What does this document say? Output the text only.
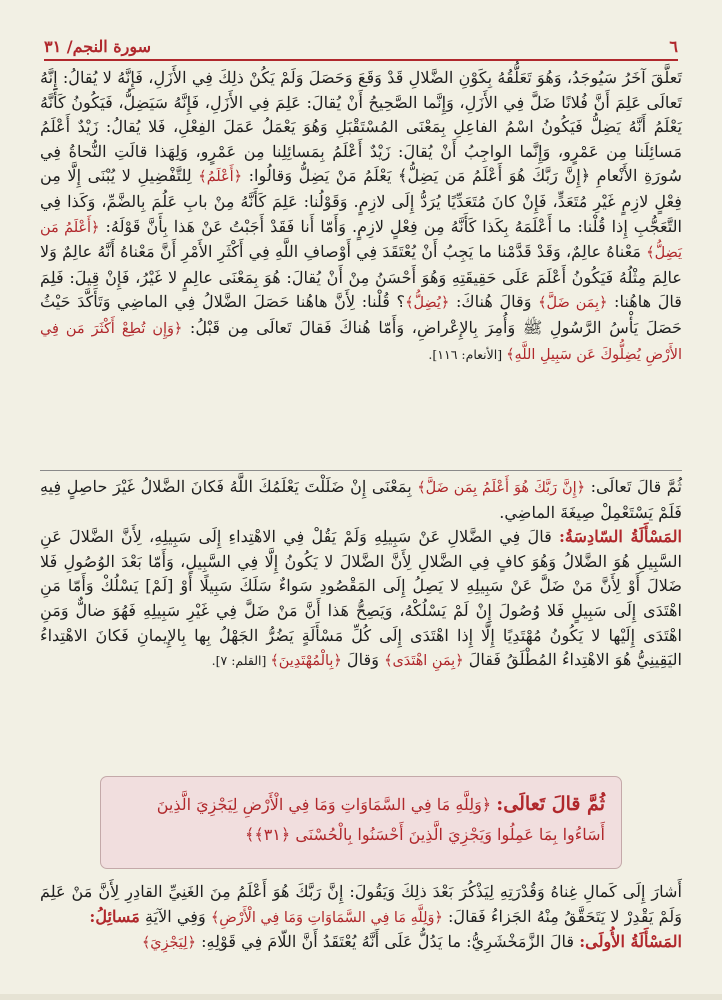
سورة النجم/ ٣١	٦

تَعلَّقَ آخَرُ سَيُوجَدُ، وَهُوَ تَعَلُّقُهُ بِكَوْنِ الضَّلالِ قَدْ وَقَعَ وَحَصَلَ وَلَمْ يَكُنْ ذلِكَ فِي الأَزَلِ، فَإِنَّهُ لا يُقالُ: إِنَّهُ تَعالَى عَلِمَ أَنَّ فُلانًا ضَلَّ فِي الأَزَلِ، وَإِنَّما الصَّحِيحُ أَنْ يُقالَ: عَلِمَ فِي الأَزَلِ، فَإِنَّهُ سَيَضِلُّ، فَيَكُونُ كَأَنَّهُ يَعْلَمُ أَنَّهُ يَضِلُّ فَيَكُونُ اسْمُ الفاعِلِ بِمَعْنَى المُسْتَقْبَلِ وَهُوَ يَعْمَلُ عَمَلَ الفِعْلِ، فَلا يُقالُ: زَيْدٌ أَعْلَمُ مَسائِلَنا مِن عَمْرٍو، وَإِنَّما الواجِبُ أَنْ يُقالَ: زَيْدٌ أَعْلَمُ بِمَسائِلِنا مِن عَمْرٍو، وَلِهَذا قالَتِ النُّحاةُ فِي سُورَةِ الأَنْعامِ ﴿إِنَّ رَبَّكَ هُوَ أَعْلَمُ مَن يَضِلُّ﴾ يَعْلَمُ مَنْ يَضِلُّ وَقالُوا: ﴿أَعْلَمُ﴾ لِلتَّفْضِيلِ لا يُبْنَى إِلَّا مِن فِعْلٍ لازِمٍ غَيْرِ مُتَعَدٍّ، فَإِنْ كانَ مُتَعَدِّيًا يُرَدُّ إِلَى لازِمٍ. وَقَوْلُنا: عَلِمَ كَأَنَّهُ مِنْ بابِ عَلُمَ بِالضَّمِّ، وَكَذا فِي التَّعَجُّبِ إِذا قُلْنا: ما أَعْلَمَهُ بِكَذا كَأَنَّهُ مِن فِعْلٍ لازِمٍ. وَأَمّا أَنا فَقَدْ أَجَبْتُ عَنْ هَذا بِأَنَّ قَوْلَهُ: ﴿أَعْلَمُ مَن يَضِلُّ﴾ مَعْناهُ عالِمٌ، وَقَدْ قَدَّمْنا ما يَجِبُ أَنْ يُعْتَقَدَ فِي أَوْصافِ اللَّهِ فِي أَكْثَرِ الأَمْرِ أَنَّ مَعْناهُ أَنَّهُ عالِمٌ وَلا عالِمَ مِثْلُهُ فَيَكُونُ أَعْلَمَ عَلَى حَقِيقَتِهِ وَهُوَ أَحْسَنُ مِنْ أَنْ يُقالَ: هُوَ بِمَعْنَى عالِمٍ لا غَيْرُ، فَإِنْ قِيلَ: فَلِمَ قالَ هاهُنا: ﴿بِمَن ضَلَّ﴾ وَقالَ هُناكَ: ﴿يُضِلُّ﴾؟ قُلْنا: لِأَنَّ هاهُنا حَصَلَ الضَّلالُ فِي الماضِي وَتَأَكَّدَ حَيْثُ حَصَلَ يَأْسُ الرَّسُولِ ﷺ وَأُمِرَ بِالإِعْراضِ، وَأَمّا هُناكَ فَقالَ تَعالَى مِن قَبْلُ: ﴿وَإِن تُطِعْ أَكْثَرَ مَن فِي الأَرْضِ يُضِلُّوكَ عَن سَبِيلِ اللَّهِ﴾ [الأنعام: ١١٦].

ثُمَّ قالَ تَعالَى: ﴿إِنَّ رَبَّكَ هُوَ أَعْلَمُ بِمَن ضَلَّ﴾ بِمَعْنَى إِنْ ضَلَلْتَ يَعْلَمُكَ اللَّهُ فَكانَ الضَّلالُ غَيْرَ حاصِلٍ فِيهِ فَلَمْ يَسْتَعْمِلْ صِيغَةَ الماضِي.

المَسْأَلَةُ السّادِسَةُ: قالَ فِي الضَّلالِ عَنْ سَبِيلِهِ وَلَمْ يَقُلْ فِي الاهْتِداءِ إِلَى سَبِيلِهِ، لِأَنَّ الضَّلالَ عَنِ السَّبِيلِ هُوَ الضَّلالُ وَهُوَ كافٍ فِي الضَّلالِ لِأَنَّ الضَّلالَ لا يَكُونُ إِلَّا فِي السَّبِيلِ، وَأَمّا بَعْدَ الوُصُولِ فَلا ضَلالَ أَوْ لِأَنَّ مَنْ ضَلَّ عَنْ سَبِيلِهِ لا يَصِلُ إِلَى المَقْصُودِ سَواءٌ سَلَكَ سَبِيلًا أَوْ [لَمْ] يَسْلُكْ وَأَمّا مَنِ اهْتَدَى إِلَى سَبِيلٍ فَلا وُصُولَ إِنْ لَمْ يَسْلُكْهُ، وَيَصِحُّ هَذا أَنَّ مَنْ ضَلَّ فِي غَيْرِ سَبِيلِهِ فَهُوَ ضالٌّ وَمَنِ اهْتَدَى إِلَيْها لا يَكُونُ مُهْتَدِيًا إِلَّا إِذا اهْتَدَى إِلَى كُلِّ مَسْأَلَةٍ يَضُرُّ الجَهْلُ بِها بِالإِيمانِ فَكانَ الاهْتِداءُ اليَقِينِيُّ هُوَ الاهْتِداءُ المُطْلَقُ فَقالَ ﴿بِمَنِ اهْتَدَى﴾ وَقالَ ﴿بِالْمُهْتَدِينَ﴾ [القلم: ٧].

ثُمَّ قالَ تَعالَى: ﴿وَلِلَّهِ مَا فِي السَّمَاوَاتِ وَمَا فِي الْأَرْضِ لِيَجْزِيَ الَّذِينَ أَسَاءُوا بِمَا عَمِلُوا وَيَجْزِيَ الَّذِينَ أَحْسَنُوا بِالْحُسْنَى ﴿٣١﴾﴾

أَشارَ إِلَى كَمالِ غِناهُ وَقُدْرَتِهِ لِيَذْكُرَ بَعْدَ ذلِكَ وَيَقُولَ: إِنَّ رَبَّكَ هُوَ أَعْلَمُ مِنَ الغَنِيِّ القادِرِ لِأَنَّ مَنْ عَلِمَ وَلَمْ يَقْدِرْ لا يَتَحَقَّقُ مِنْهُ الجَزاءُ فَقالَ: ﴿وَلِلَّهِ مَا فِي السَّمَاوَاتِ وَمَا فِي الْأَرْضِ﴾ وَفِي الآيَةِ مَسائِلُ:

المَسْأَلَةُ الأُولَى: قالَ الزَّمَخْشَرِيُّ: ما يَدُلُّ عَلَى أَنَّهُ يُعْتَقَدُ أَنَّ اللّامَ فِي قَوْلِهِ: ﴿لِيَجْزِيَ﴾
